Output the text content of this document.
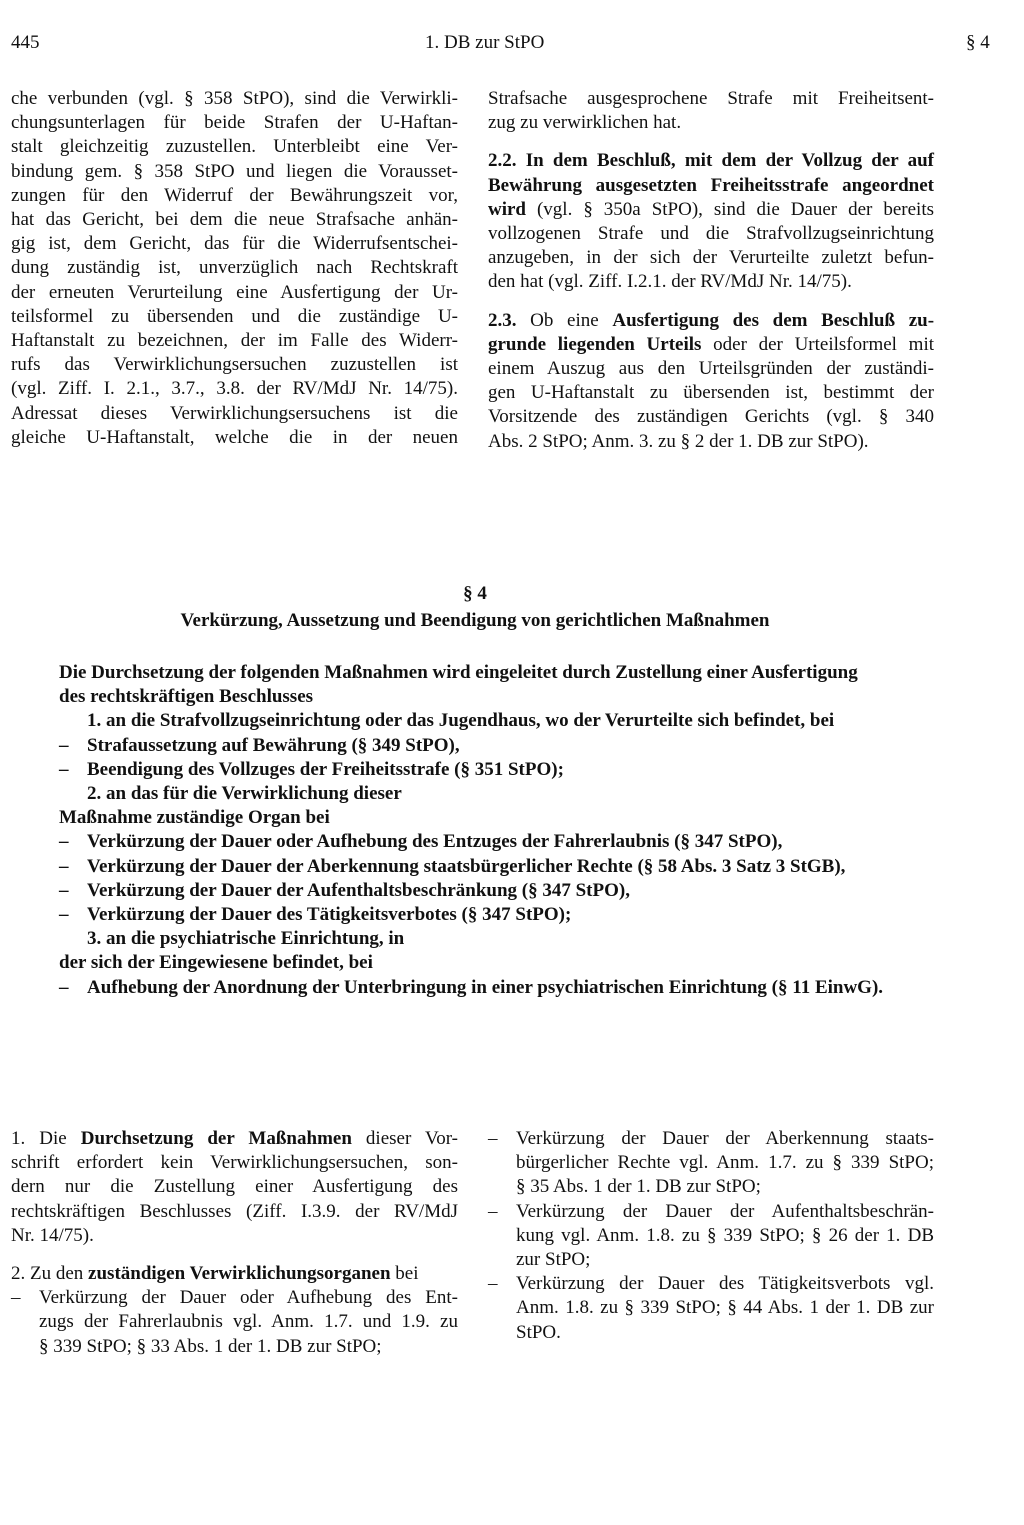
445	1. DB zur StPO	§ 4
che verbunden (vgl. § 358 StPO), sind die Verwirkli-
chungsunterlagen für beide Strafen der U-Haftan-
stalt gleichzeitig zuzustellen. Unterbleibt eine Ver-
bindung gem. § 358 StPO und liegen die Vorausset-
zungen für den Widerruf der Bewährungszeit vor,
hat das Gericht, bei dem die neue Strafsache anhän-
gig ist, dem Gericht, das für die Widerrufsentschei-
dung zuständig ist, unverzüglich nach Rechtskraft
der erneuten Verurteilung eine Ausfertigung der Ur-
teilsformel zu übersenden und die zuständige U-
Haftanstalt zu bezeichnen, der im Falle des Widerr-
rufs das Verwirklichungsersuchen zuzustellen ist
(vgl. Ziff. I. 2.1., 3.7., 3.8. der RV/MdJ Nr. 14/75).
Adressat dieses Verwirklichungsersuchens ist die
gleiche U-Haftanstalt, welche die in der neuen
Strafsache ausgesprochene Strafe mit Freiheitsent-
zug zu verwirklichen hat.
2.2. In dem Beschluß, mit dem der Vollzug der auf
Bewährung ausgesetzten Freiheitsstrafe angeordnet
wird (vgl. § 350a StPO), sind die Dauer der bereits
vollzogenen Strafe und die Strafvollzugseinrichtung
anzugeben, in der sich der Verurteilte zuletzt befun-
den hat (vgl. Ziff. I.2.1. der RV/MdJ Nr. 14/75).
2.3. Ob eine Ausfertigung des dem Beschluß zu-
grunde liegenden Urteils oder der Urteilsformel mit
einem Auszug aus den Urteilsgründen der zuständi-
gen U-Haftanstalt zu übersenden ist, bestimmt der
Vorsitzende des zuständigen Gerichts (vgl. § 340
Abs. 2 StPO; Anm. 3. zu § 2 der 1. DB zur StPO).
§ 4
Verkürzung, Aussetzung und Beendigung von gerichtlichen Maßnahmen
Die Durchsetzung der folgenden Maßnahmen wird eingeleitet durch Zustellung einer Ausfertigung
des rechtskräftigen Beschlusses
1. an die Strafvollzugseinrichtung oder das Jugendhaus, wo der Verurteilte sich befindet, bei
– Strafaussetzung auf Bewährung (§ 349 StPO),
– Beendigung des Vollzuges der Freiheitsstrafe (§ 351 StPO);
2. an das für die Verwirklichung dieser
Maßnahme zuständige Organ bei
– Verkürzung der Dauer oder Aufhebung des Entzuges der Fahrerlaubnis (§ 347 StPO),
– Verkürzung der Dauer der Aberkennung staatsbürgerlicher Rechte (§ 58 Abs. 3 Satz 3 StGB),
– Verkürzung der Dauer der Aufenthaltsbeschränkung (§ 347 StPO),
– Verkürzung der Dauer des Tätigkeitsverbotes (§ 347 StPO);
3. an die psychiatrische Einrichtung, in
der sich der Eingewiesene befindet, bei
– Aufhebung der Anordnung der Unterbringung in einer psychiatrischen Einrichtung (§ 11 EinwG).
1. Die Durchsetzung der Maßnahmen dieser Vor-
schrift erfordert kein Verwirklichungsersuchen, son-
dern nur die Zustellung einer Ausfertigung des
rechtskräftigen Beschlusses (Ziff. I.3.9. der RV/MdJ
Nr. 14/75).
2. Zu den zuständigen Verwirklichungsorganen bei
– Verkürzung der Dauer oder Aufhebung des Ent-
zugs der Fahrerlaubnis vgl. Anm. 1.7. und 1.9. zu
§ 339 StPO; § 33 Abs. 1 der 1. DB zur StPO;
– Verkürzung der Dauer der Aberkennung staats-
bürgerlicher Rechte vgl. Anm. 1.7. zu § 339 StPO;
§ 35 Abs. 1 der 1. DB zur StPO;
– Verkürzung der Dauer der Aufenthaltsbeschrän-
kung vgl. Anm. 1.8. zu § 339 StPO; § 26 der 1. DB
zur StPO;
– Verkürzung der Dauer des Tätigkeitsverbots vgl.
Anm. 1.8. zu § 339 StPO; § 44 Abs. 1 der 1. DB zur
StPO.
